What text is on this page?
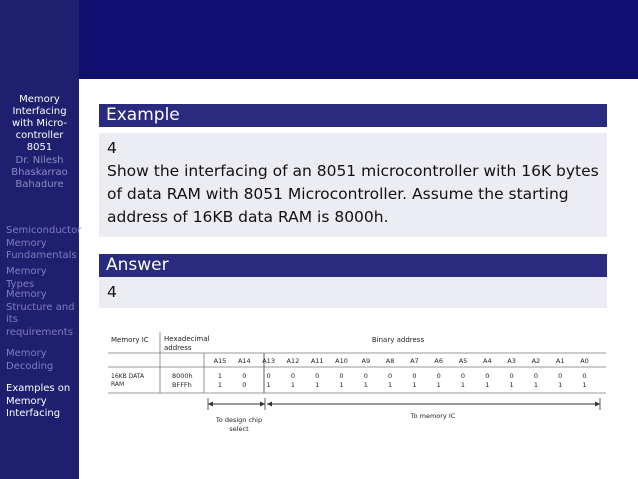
Memory
Interfacing
with Micro-
controller
8051
Dr. Nilesh
Bhaskarrao
Bahadure
Semiconductor
Memory
Fundamentals
Memory Types
Memory
Structure and
its
requirements
Memory
Decoding
Examples on
Memory
Interfacing
Example
4
Show the interfacing of an 8051 microcontroller with 16K bytes
of data RAM with 8051 Microcontroller. Assume the starting
address of 16KB data RAM is 8000h.
Answer
4
Memory IC Hexadecimal
address
Binary address
16KB DATA
RAM
8000h
BFFFh
A15
1
1
A14
0
0
A13
0
1
A12
0
1
A11
0
1
A10
0
1
A9
0
1
A8
0
1
A7
0
1
A6
0
1
A5
0
1
A4
0
1
A3
0
1
A2
0
1
A1
0
1
A0
0
1
To design chip
select
To memory IC
